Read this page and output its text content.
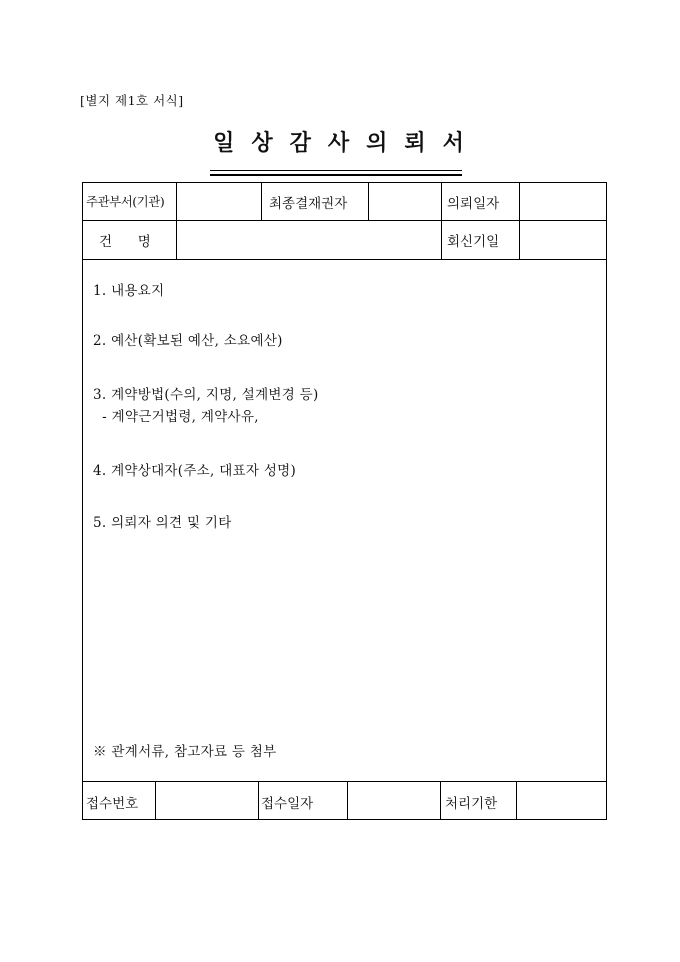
[별지 제1호 서식]
일상감사의뢰서
주관부서(기관)	최종결재권자	의뢰일자
건      명	회신기일
1. 내용요지
2. 예산(확보된 예산, 소요예산)
3. 계약방법(수의, 지명, 설계변경 등)
- 계약근거법령, 계약사유,
4. 계약상대자(주소, 대표자 성명)
5. 의뢰자 의견 및 기타
※ 관계서류, 참고자료 등 첨부
접수번호	접수일자	처리기한
